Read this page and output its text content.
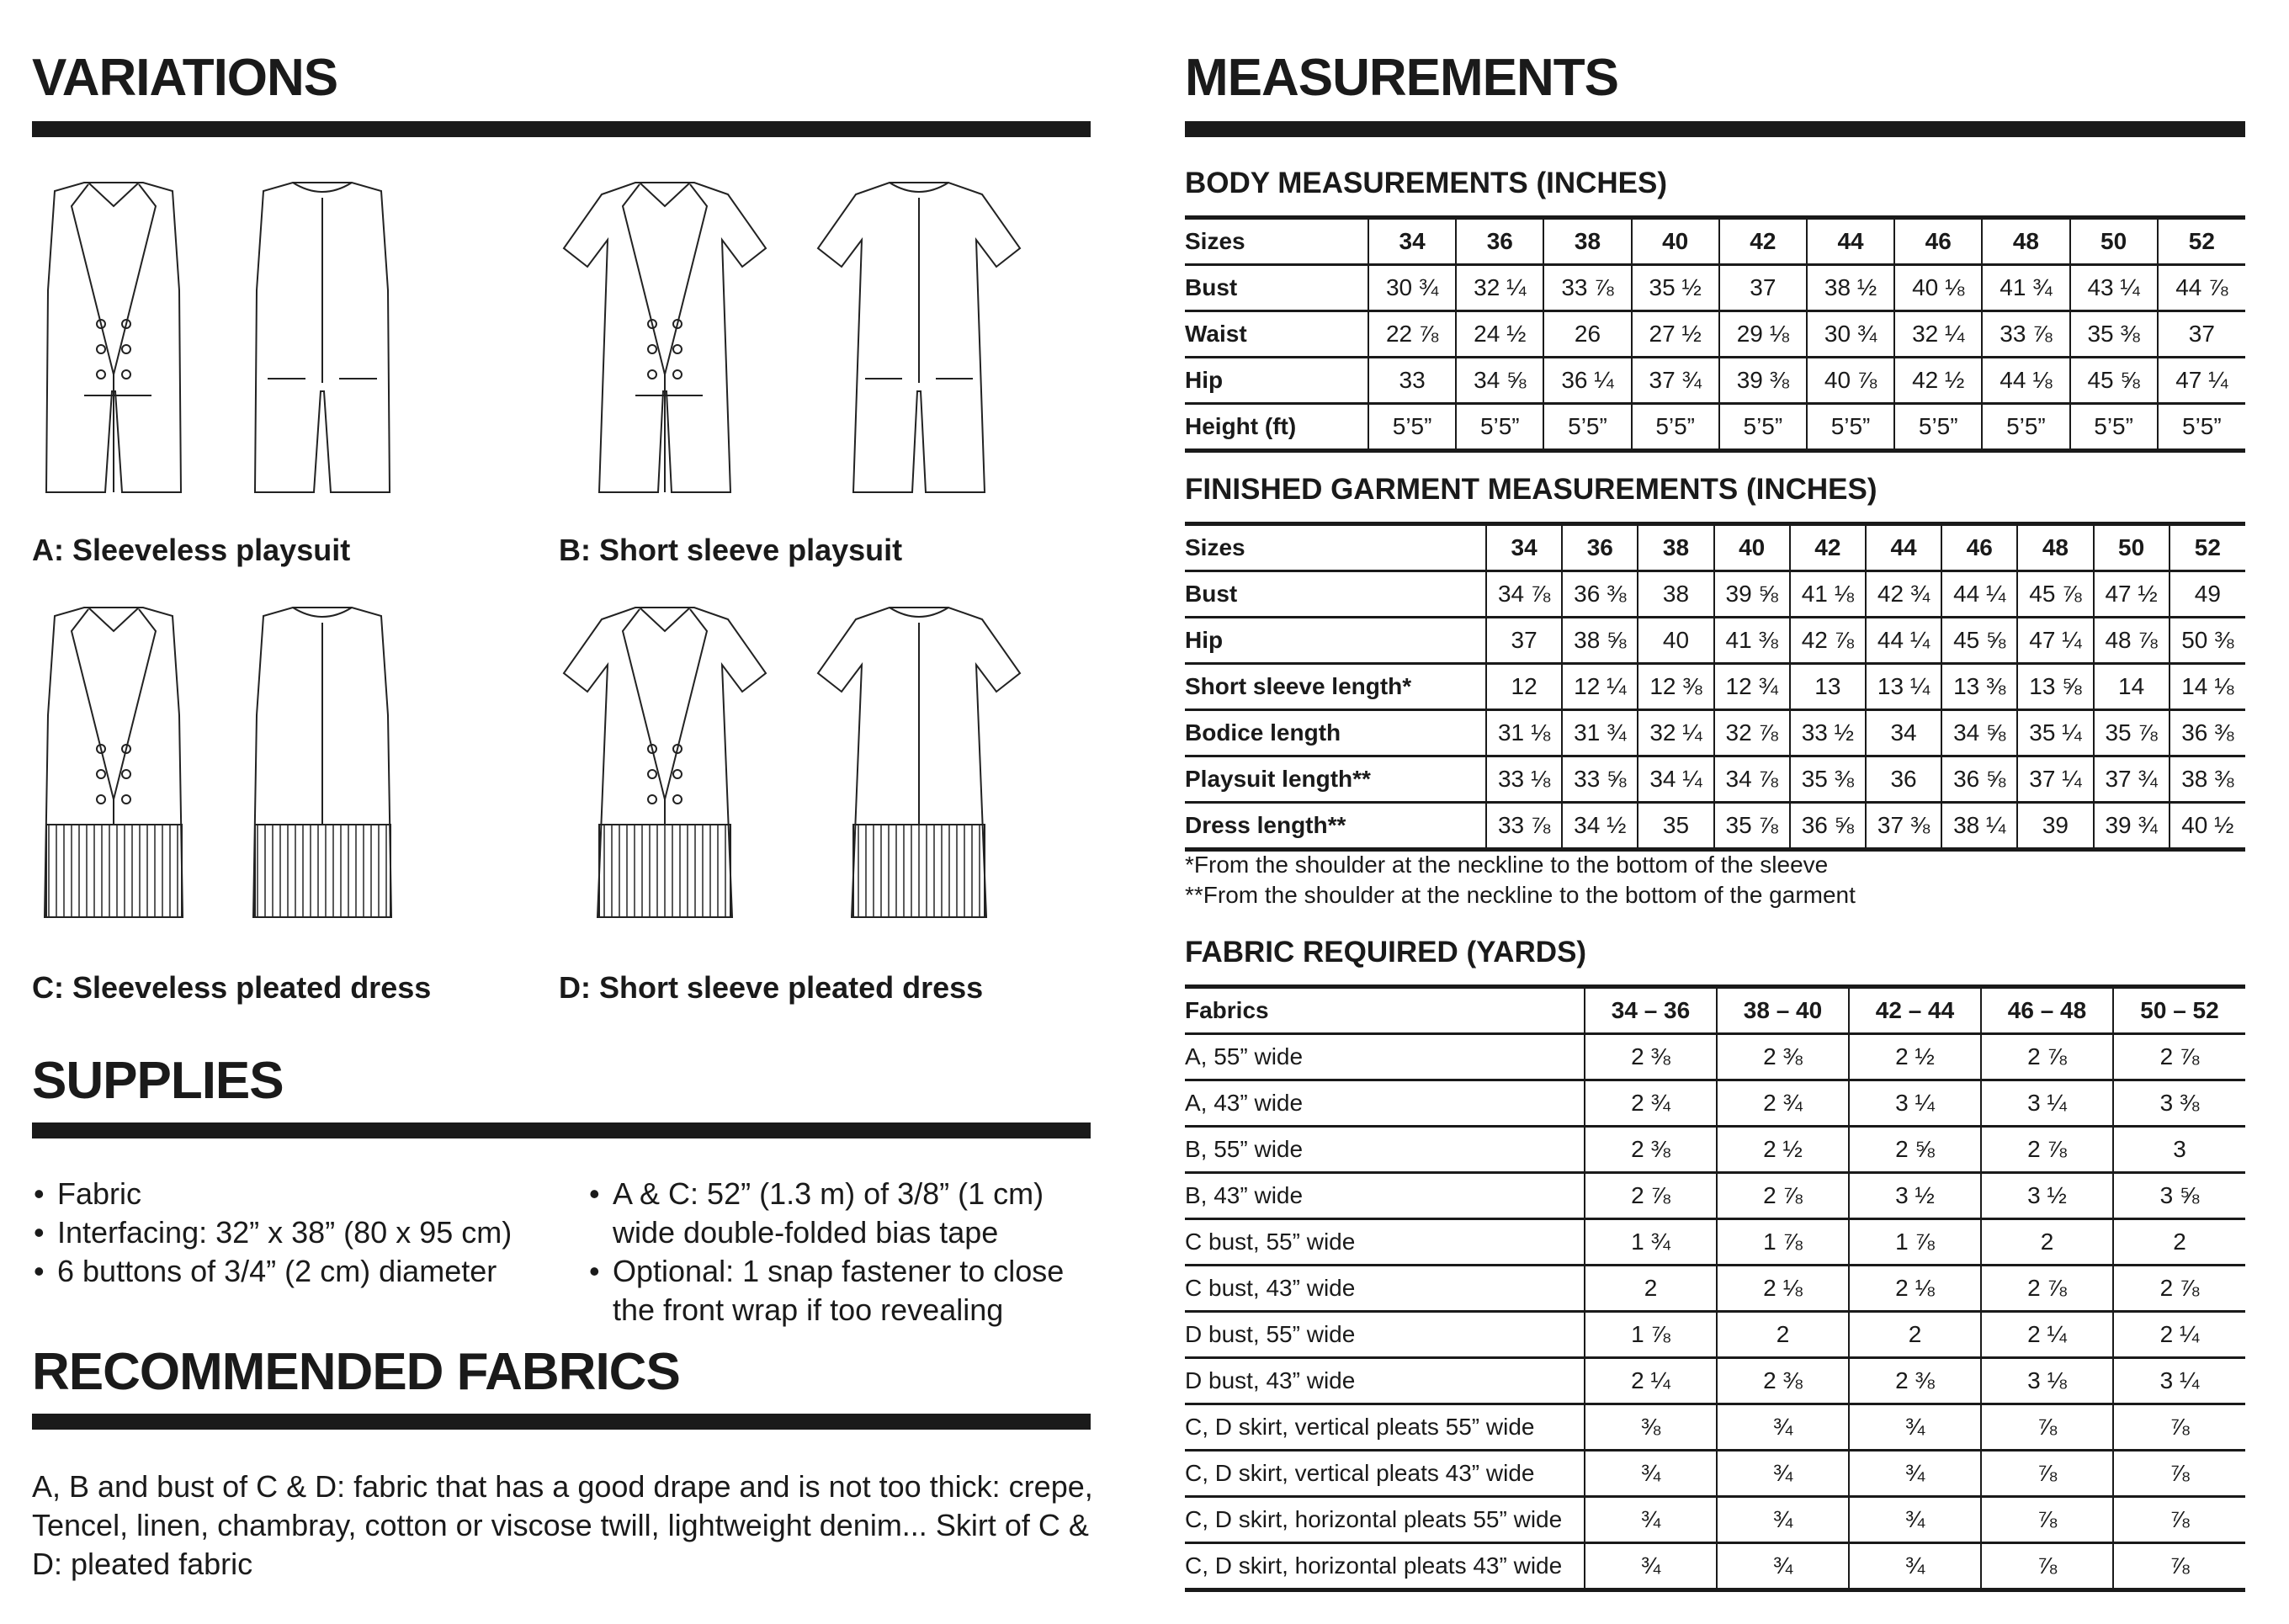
VARIATIONS
A: Sleeveless playsuit	B: Short sleeve playsuit
C: Sleeveless pleated dress	D: Short sleeve pleated dress
SUPPLIES
• Fabric
• Interfacing: 32” x 38” (80 x 95 cm)
• 6 buttons of 3/4” (2 cm) diameter
• A & C: 52” (1.3 m) of 3/8” (1 cm) wide double-folded bias tape
• Optional: 1 snap fastener to close the front wrap if too revealing
RECOMMENDED FABRICS

A, B and bust of C & D: fabric that has a good drape and is not too thick: crepe, Tencel, linen, chambray, cotton or viscose twill, lightweight denim... Skirt of C & D: pleated fabric

MEASUREMENTS
BODY MEASUREMENTS (INCHES)
Sizes	34	36	38	40	42	44	46	48	50	52
Bust	30 ¾	32 ¼	33 ⅞	35 ½	37	38 ½	40 ⅛	41 ¾	43 ¼	44 ⅞
Waist	22 ⅞	24 ½	26	27 ½	29 ⅛	30 ¾	32 ¼	33 ⅞	35 ⅜	37
Hip	33	34 ⅝	36 ¼	37 ¾	39 ⅜	40 ⅞	42 ½	44 ⅛	45 ⅝	47 ¼
Height (ft)	5’5”	5’5”	5’5”	5’5”	5’5”	5’5”	5’5”	5’5”	5’5”	5’5”
FINISHED GARMENT MEASUREMENTS (INCHES)
Sizes	34	36	38	40	42	44	46	48	50	52
Bust	34 ⅞	36 ⅜	38	39 ⅝	41 ⅛	42 ¾	44 ¼	45 ⅞	47 ½	49
Hip	37	38 ⅝	40	41 ⅜	42 ⅞	44 ¼	45 ⅝	47 ¼	48 ⅞	50 ⅜
Short sleeve length*	12	12 ¼	12 ⅜	12 ¾	13	13 ¼	13 ⅜	13 ⅝	14	14 ⅛
Bodice length	31 ⅛	31 ¾	32 ¼	32 ⅞	33 ½	34	34 ⅝	35 ¼	35 ⅞	36 ⅜
Playsuit length**	33 ⅛	33 ⅝	34 ¼	34 ⅞	35 ⅜	36	36 ⅝	37 ¼	37 ¾	38 ⅜
Dress length**	33 ⅞	34 ½	35	35 ⅞	36 ⅝	37 ⅜	38 ¼	39	39 ¾	40 ½
*From the shoulder at the neckline to the bottom of the sleeve
**From the shoulder at the neckline to the bottom of the garment
FABRIC REQUIRED (YARDS)
Fabrics	34 – 36	38 – 40	42 – 44	46 – 48	50 – 52
A, 55” wide	2 ⅜	2 ⅜	2 ½	2 ⅞	2 ⅞
A, 43” wide	2 ¾	2 ¾	3 ¼	3 ¼	3 ⅜
B, 55” wide	2 ⅜	2 ½	2 ⅝	2 ⅞	3
B, 43” wide	2 ⅞	2 ⅞	3 ½	3 ½	3 ⅝
C bust, 55” wide	1 ¾	1 ⅞	1 ⅞	2	2
C bust, 43” wide	2	2 ⅛	2 ⅛	2 ⅞	2 ⅞
D bust, 55” wide	1 ⅞	2	2	2 ¼	2 ¼
D bust, 43” wide	2 ¼	2 ⅜	2 ⅜	3 ⅛	3 ¼
C, D skirt, vertical pleats 55” wide	⅜	¾	¾	⅞	⅞
C, D skirt, vertical pleats 43” wide	¾	¾	¾	⅞	⅞
C, D skirt, horizontal pleats 55” wide	¾	¾	¾	⅞	⅞
C, D skirt, horizontal pleats 43” wide	¾	¾	¾	⅞	⅞
